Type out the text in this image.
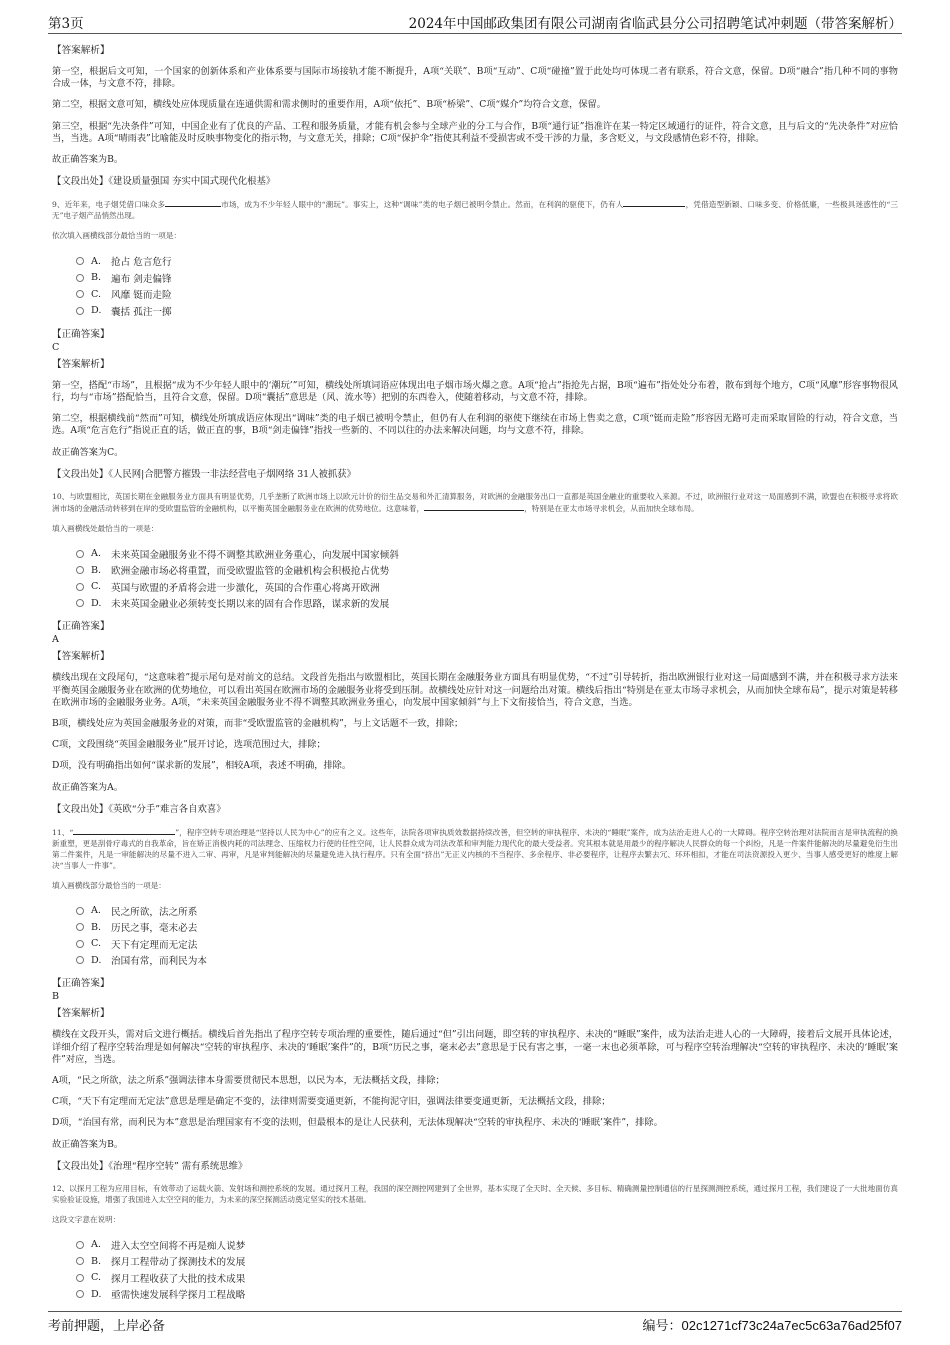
第3页	2024年中国邮政集团有限公司湖南省临武县分公司招聘笔试冲刺题（带答案解析）

【答案解析】

第一空，根据后文可知，一个国家的创新体系和产业体系要与国际市场接轨才能不断提升，A项“关联”、B项“互动”、C项“碰撞”置于此处均可体现二者有联系，符合文意，保留。D项“融合”指几种不同的事物合成一体，与文意不符，排除。

第二空，根据文意可知，横线处应体现质量在连通供需和需求侧时的重要作用，A项“依托”、B项“桥梁”、C项“媒介”均符合文意，保留。

第三空，根据“先决条件”可知，中国企业有了优良的产品、工程和服务质量，才能有机会参与全球产业的分工与合作，B项“通行证”指准许在某一特定区域通行的证件，符合文意，且与后文的“先决条件”对应恰当，当选。A项“晴雨表”比喻能及时反映事物变化的指示物，与文意无关，排除；C项“保护伞”指使其利益不受损害或不受干涉的力量，多含贬义，与文段感情色彩不符，排除。

故正确答案为B。

【文段出处】《建设质量强国 夯实中国式现代化根基》

9、近年来，电子烟凭借口味众多	市场，成为不少年轻人眼中的“潮玩”。事实上，这种“调味”类的电子烟已被明令禁止。然而，在利润的驱使下，仍有人	，凭借造型新颖、口味多变、价格低廉，一些极具迷惑性的“三无”电子烟产品悄然出现。

依次填入画横线部分最恰当的一项是：

A.	抢占 危言危行
B.	遍布 剑走偏锋
C.	风靡 铤而走险
D. 囊括 孤注一掷

【正确答案】

C

【答案解析】

第一空，搭配“市场”，且根据“成为不少年轻人眼中的‘潮玩’”可知，横线处所填词语应体现出电子烟市场火爆之意。A项“抢占”指抢先占据，B项“遍布”指处处分布着，散布到每个地方，C项“风靡”形容事物很风行，均与“市场”搭配恰当，且符合文意，保留。D项“囊括”意思是（风、流水等）把别的东西卷入，使随着移动，与文意不符，排除。

第二空，根据横线前“然而”可知，横线处所填成语应体现出“调味”类的电子烟已被明令禁止，但仍有人在利润的驱使下继续在市场上售卖之意，C项“铤而走险”形容因无路可走而采取冒险的行动，符合文意，当选。A项“危言危行”指说正直的话，做正直的事，B项“剑走偏锋”指找一些新的、不同以往的办法来解决问题，均与文意不符，排除。

故正确答案为C。

【文段出处】《人民网|合肥警方摧毁一非法经营电子烟网络 31人被抓获》

10、与欧盟相比，英国长期在金融服务业方面具有明显优势，几乎垄断了欧洲市场上以欧元计价的衍生品交易和外汇清算服务，对欧洲的金融服务出口一直都是英国金融业的重要收入来源。不过，欧洲银行业对这一局面感到不满，欧盟也在积极寻求将欧洲市场的金融活动转移到在岸的受欧盟监管的金融机构，以平衡英国金融服务业在欧洲的优势地位。这意味着，	，特别是在亚太市场寻求机会，从而加快全球布局。

填入画横线处最恰当的一项是：

A.	未来英国金融服务业不得不调整其欧洲业务重心，向发展中国家倾斜
B.	欧洲金融市场必将重置，而受欧盟监管的金融机构会积极抢占优势
C.	英国与欧盟的矛盾将会进一步激化，英国的合作重心将离开欧洲
D. 未来英国金融业必须转变长期以来的固有合作思路，谋求新的发展

【正确答案】

A

【答案解析】

横线出现在文段尾句，“这意味着”提示尾句是对前文的总结。文段首先指出与欧盟相比，英国长期在金融服务业方面具有明显优势，“不过”引导转折，指出欧洲银行业对这一局面感到不满，并在积极寻求方法来平衡英国金融服务业在欧洲的优势地位，可以看出英国在欧洲市场的金融服务业将受到压制。故横线处应针对这一问题给出对策。横线后指出“特别是在亚太市场寻求机会，从而加快全球布局”，提示对策是转移在欧洲市场的金融服务业务。A项，“未来英国金融服务业不得不调整其欧洲业务重心，向发展中国家倾斜”与上下文衔接恰当，符合文意，当选。

B项，横线处应为英国金融服务业的对策，而非“受欧盟监管的金融机构”，与上文话题不一致，排除；

C项，文段围绕“英国金融服务业”展开讨论，选项范围过大，排除；

D项，没有明确指出如何“谋求新的发展”，相较A项，表述不明确，排除。

故正确答案为A。

【文段出处】《英欧“分手”难言各自欢喜》

11、“	”，程序空转专项治理是“坚持以人民为中心”的应有之义。这些年，法院各项审执质效数据持续改善，但空转的审执程序、未决的“睡眠”案件，成为法治走进人心的一大障碍。程序空转治理对法院而言是审执流程的换新重塑，更是刮骨疗毒式的自我革命，旨在矫正消极内耗的司法理念、压缩权力行使的任性空间，让人民群众成为司法改革和审判能力现代化的最大受益者。究其根本就是用最少的程序解决人民群众的每一个纠纷，凡是一件案件能解决的尽量避免衍生出第二件案件，凡是一审能解决的尽量不进入二审、再审，凡是审判能解决的尽量避免进入执行程序。只有全面“挤出”无正义内核的不当程序、多余程序、非必要程序，让程序去繁去冗、环环相扣，才能在司法资源投入更少、当事人感受更好的维度上解决“当事人一件事”。

填入画横线部分最恰当的一项是：

A.	民之所欲，法之所系
B.	历民之事，毫末必去
C.	天下有定理而无定法
D. 治国有常，而利民为本

【正确答案】

B

【答案解析】

横线在文段开头，需对后文进行概括。横线后首先指出了程序空转专项治理的重要性，随后通过“但”引出问题，即空转的审执程序、未决的“睡眠”案件，成为法治走进人心的一大障碍，接着后文展开具体论述，详细介绍了程序空转治理是如何解决“空转的审执程序、未决的‘睡眠’案件”的，B项“历民之事，毫末必去”意思是于民有害之事，一毫一末也必须革除，可与程序空转治理解决“空转的审执程序、未决的‘睡眠’案件”对应，当选。

A项，“民之所欲，法之所系”强调法律本身需要贯彻民本思想，以民为本，无法概括文段，排除；

C项，“天下有定理而无定法”意思是理是确定不变的，法律则需要变通更新，不能拘泥守旧，强调法律要变通更新，无法概括文段，排除；

D项，“治国有常，而利民为本”意思是治理国家有不变的法则，但最根本的是让人民获利，无法体现解决“空转的审执程序、未决的‘睡眠’案件”，排除。

故正确答案为B。

【文段出处】《治理“程序空转” 需有系统思维》

12、以探月工程为应用目标，有效带动了运载火箭、发射场和测控系统的发展。通过探月工程，我国的深空测控网建到了全世界，基本实现了全天时、全天候、多目标、精确测量控制通信的行星探测测控系统，通过探月工程，我们建设了一大批地面仿真实验验证设施，增强了我国进入太空空间的能力，为未来的深空探测活动奠定坚实的技术基础。

这段文字意在说明：

A.	进入太空空间将不再是痴人说梦
B.	探月工程带动了探测技术的发展
C.	探月工程收获了大批的技术成果
D. 亟需快速发展科学探月工程战略
考前押题，上岸必备	编号：02c1271cf73c24a7ec5c63a76ad25f07
